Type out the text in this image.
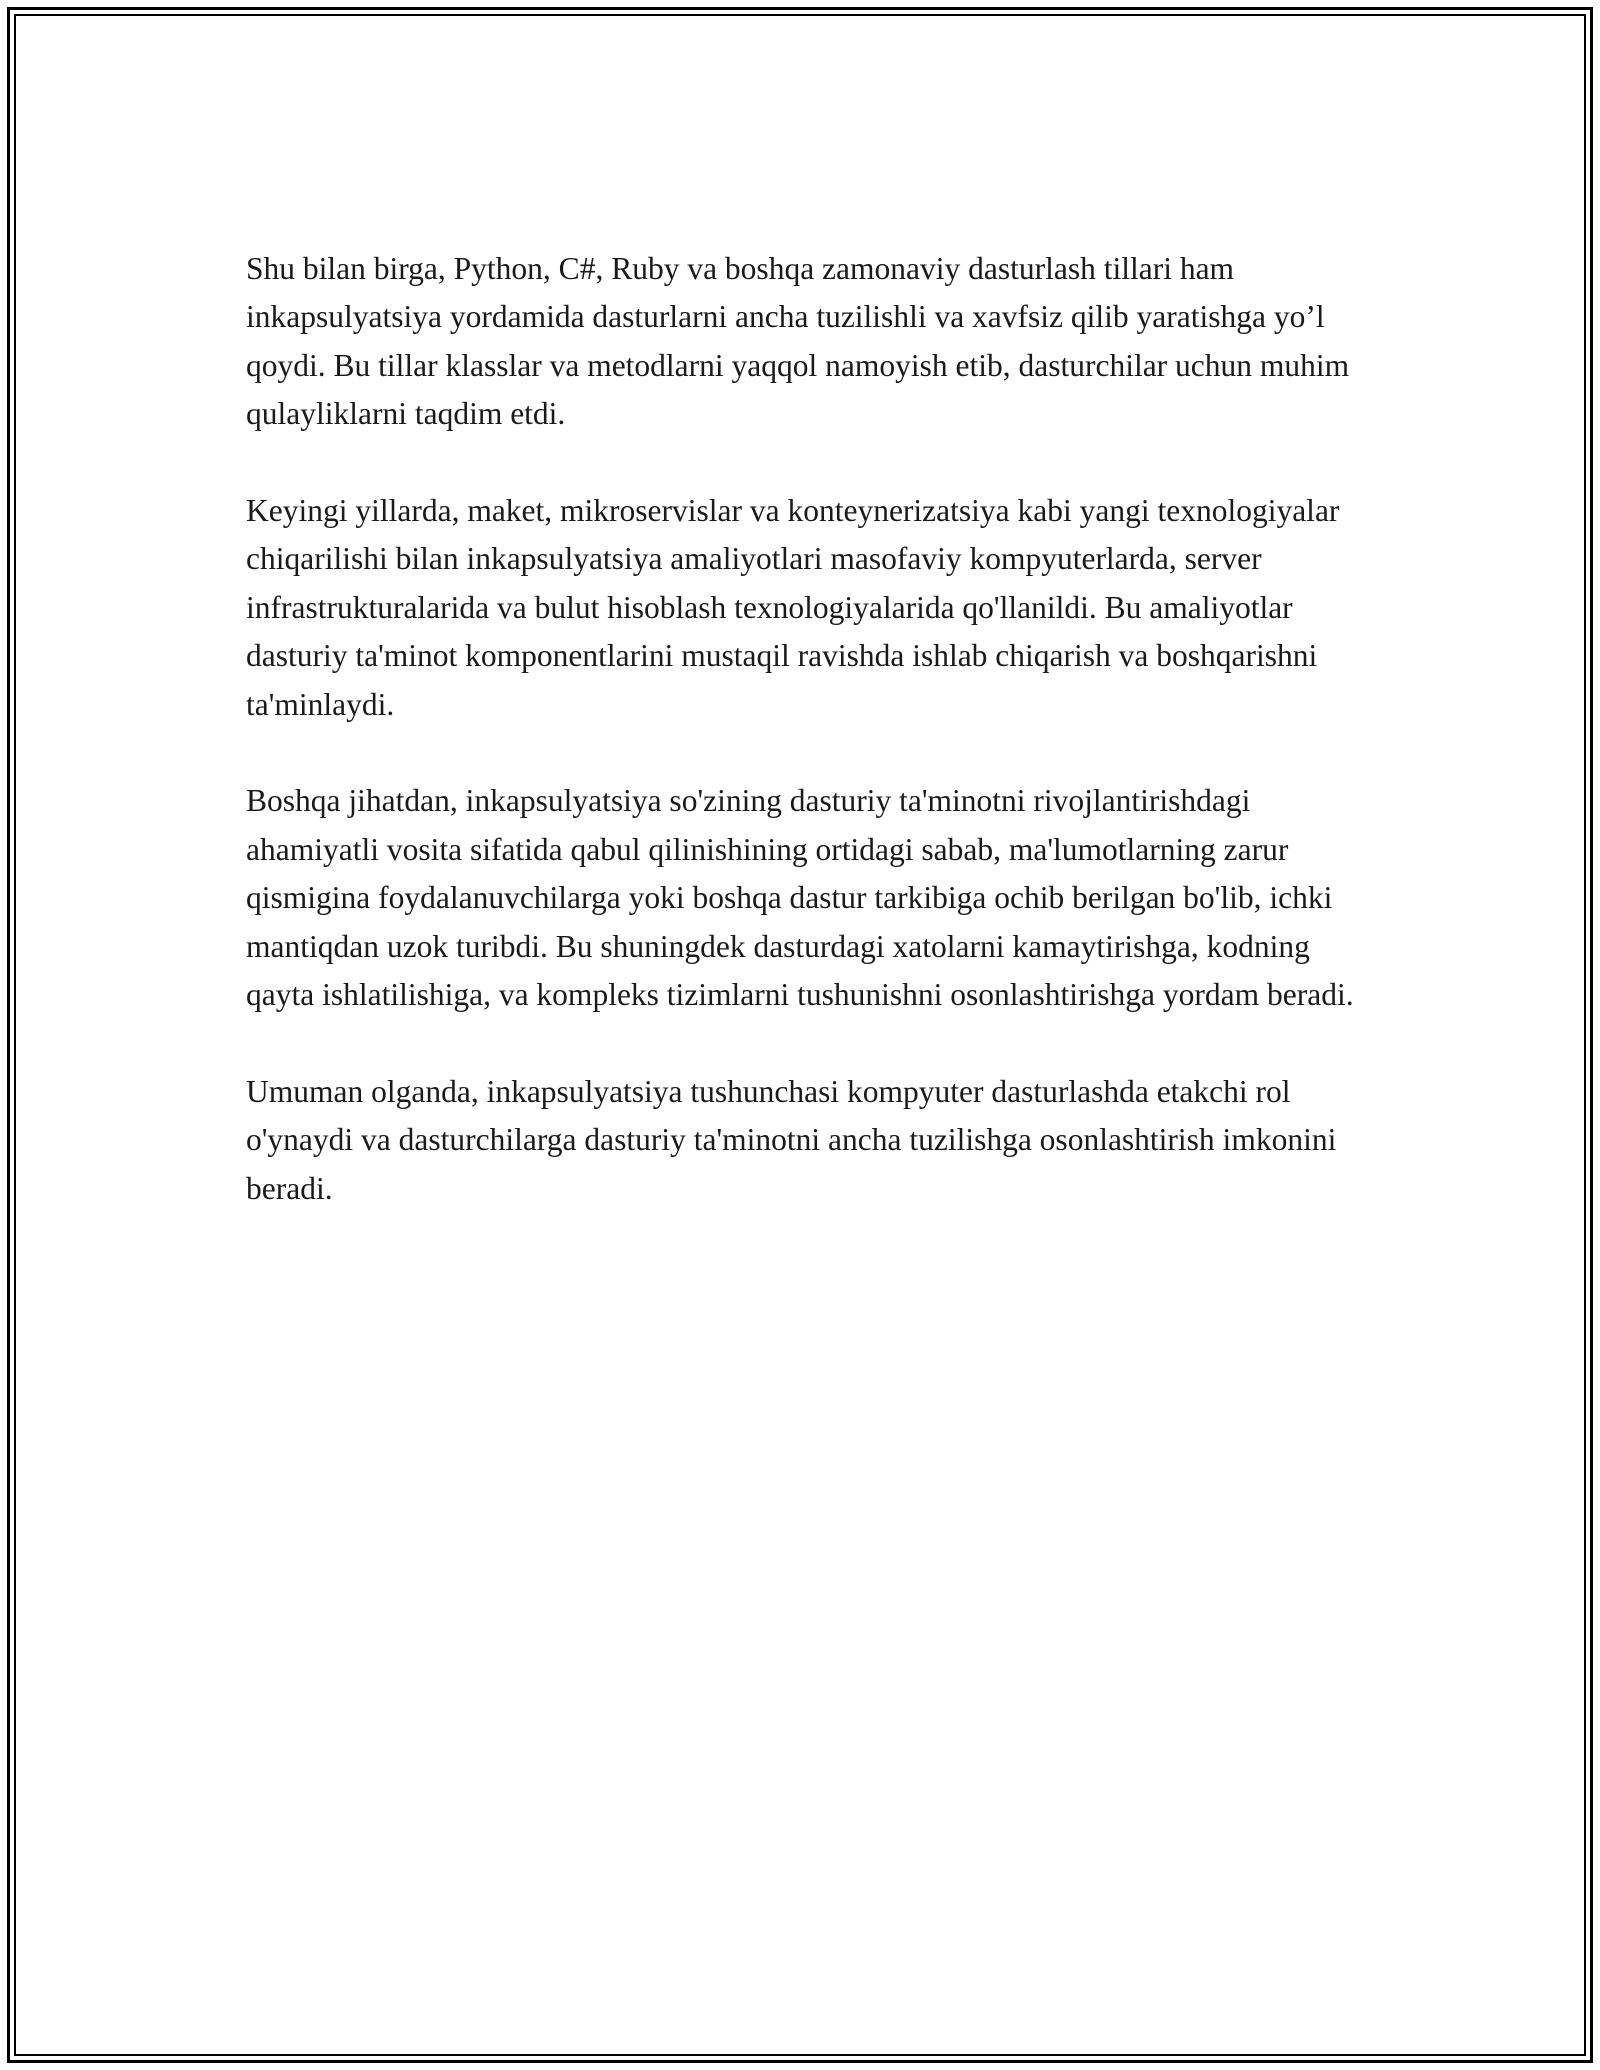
Shu bilan birga, Python, C#, Ruby va boshqa zamonaviy dasturlash tillari ham inkapsulyatsiya yordamida dasturlarni ancha tuzilishli va xavfsiz qilib yaratishga yo’l qoydi. Bu tillar klasslar va metodlarni yaqqol namoyish etib, dasturchilar uchun muhim qulayliklarni taqdim etdi.

Keyingi yillarda, maket, mikroservislar va konteynerizatsiya kabi yangi texnologiyalar chiqarilishi bilan inkapsulyatsiya amaliyotlari masofaviy kompyuterlarda, server infrastrukturalarida va bulut hisoblash texnologiyalarida qo'llanildi. Bu amaliyotlar dasturiy ta'minot komponentlarini mustaqil ravishda ishlab chiqarish va boshqarishni ta'minlaydi.

Boshqa jihatdan, inkapsulyatsiya so'zining dasturiy ta'minotni rivojlantirishdagi ahamiyatli vosita sifatida qabul qilinishining ortidagi sabab, ma'lumotlarning zarur qismigina foydalanuvchilarga yoki boshqa dastur tarkibiga ochib berilgan bo'lib, ichki mantiqdan uzok turibdi. Bu shuningdek dasturdagi xatolarni kamaytirishga, kodning qayta ishlatilishiga, va kompleks tizimlarni tushunishni osonlashtirishga yordam beradi.

Umuman olganda, inkapsulyatsiya tushunchasi kompyuter dasturlashda etakchi rol o'ynaydi va dasturchilarga dasturiy ta'minotni ancha tuzilishga osonlashtirish imkonini beradi.
